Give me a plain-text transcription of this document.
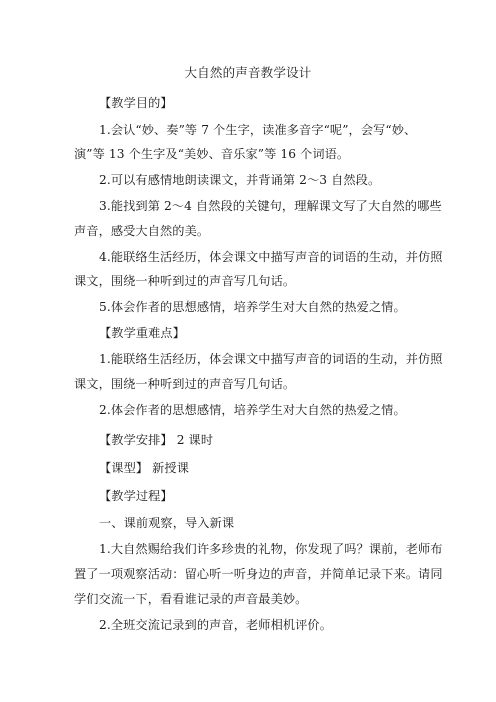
大自然的声音教学设计
【教学目的】
1.会认“妙、奏”等 7 个生字，读准多音字“呢”，会写“妙、
演”等 13 个生字及“美妙、音乐家”等 16 个词语。
2.可以有感情地朗读课文，并背诵第 2～3 自然段。
3.能找到第 2～4 自然段的关键句，理解课文写了大自然的哪些
声音，感受大自然的美。
4.能联络生活经历，体会课文中描写声音的词语的生动，并仿照
课文，围绕一种听到过的声音写几句话。
5.体会作者的思想感情，培养学生对大自然的热爱之情。
【教学重难点】
1.能联络生活经历，体会课文中描写声音的词语的生动，并仿照
课文，围绕一种听到过的声音写几句话。
2.体会作者的思想感情，培养学生对大自然的热爱之情。
【教学安排】 2 课时
【课型】 新授课
【教学过程】
一、课前观察，导入新课
1.大自然赐给我们许多珍贵的礼物，你发现了吗？课前，老师布
置了一项观察活动：留心听一听身边的声音，并简单记录下来。请同
学们交流一下，看看谁记录的声音最美妙。
2.全班交流记录到的声音，老师相机评价。
